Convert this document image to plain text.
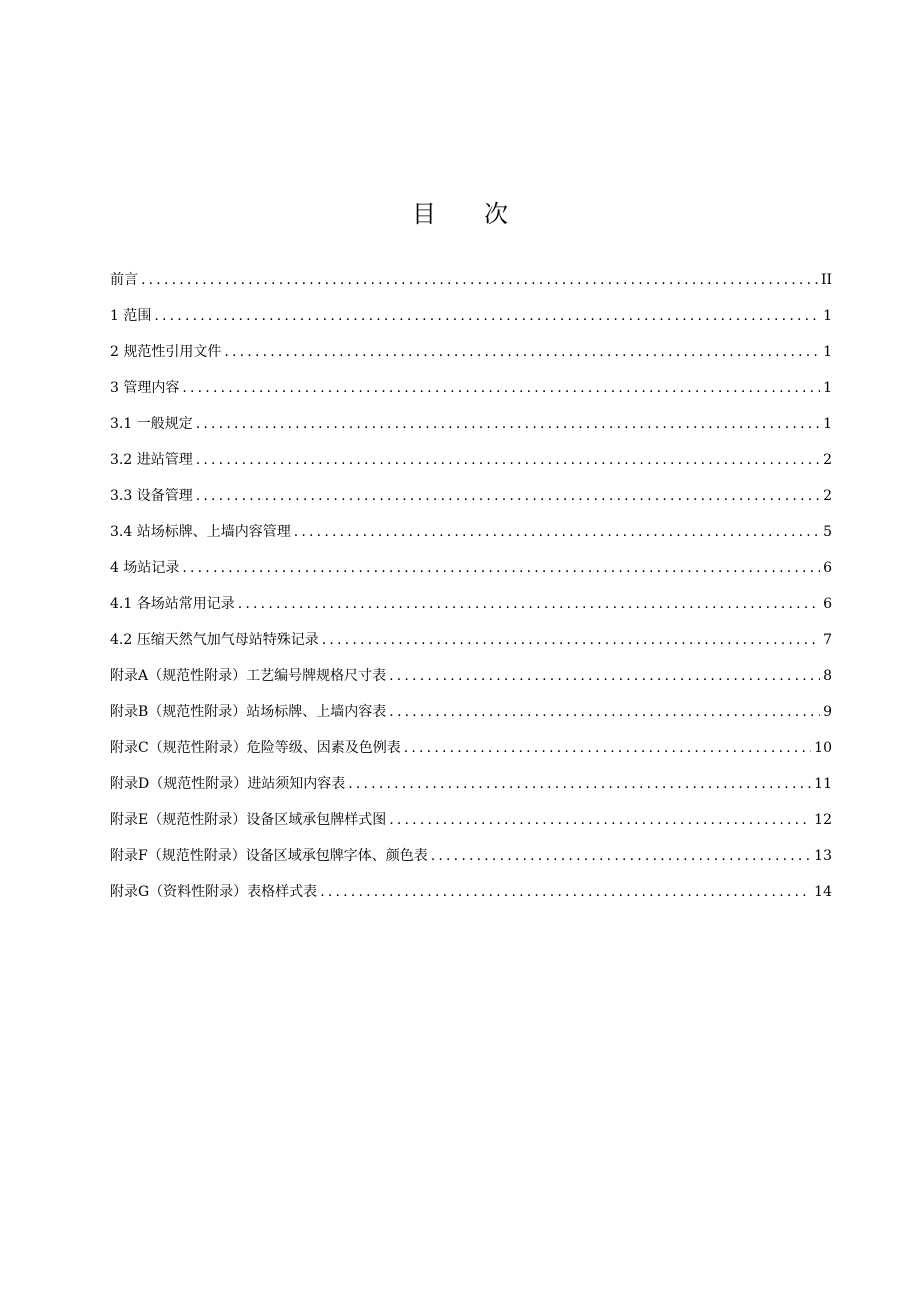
目次
前言 .....	II
1 范围 .....	1
2 规范性引用文件 .....	1
3 管理内容 .....	1
3.1 一般规定 .....	1
3.2 进站管理 .....	2
3.3 设备管理 .....	2
3.4 站场标牌、上墙内容管理 .....	5
4 场站记录 .....	6
4.1 各场站常用记录 .....	6
4.2 压缩天然气加气母站特殊记录 .....	7
附录A（规范性附录）工艺编号牌规格尺寸表 .....	8
附录B（规范性附录）站场标牌、上墙内容表 .....	9
附录C（规范性附录）危险等级、因素及色例表 .....	10
附录D（规范性附录）进站须知内容表 .....	11
附录E（规范性附录）设备区域承包牌样式图 .....	12
附录F（规范性附录）设备区域承包牌字体、颜色表 .....	13
附录G（资料性附录）表格样式表 .....	14
